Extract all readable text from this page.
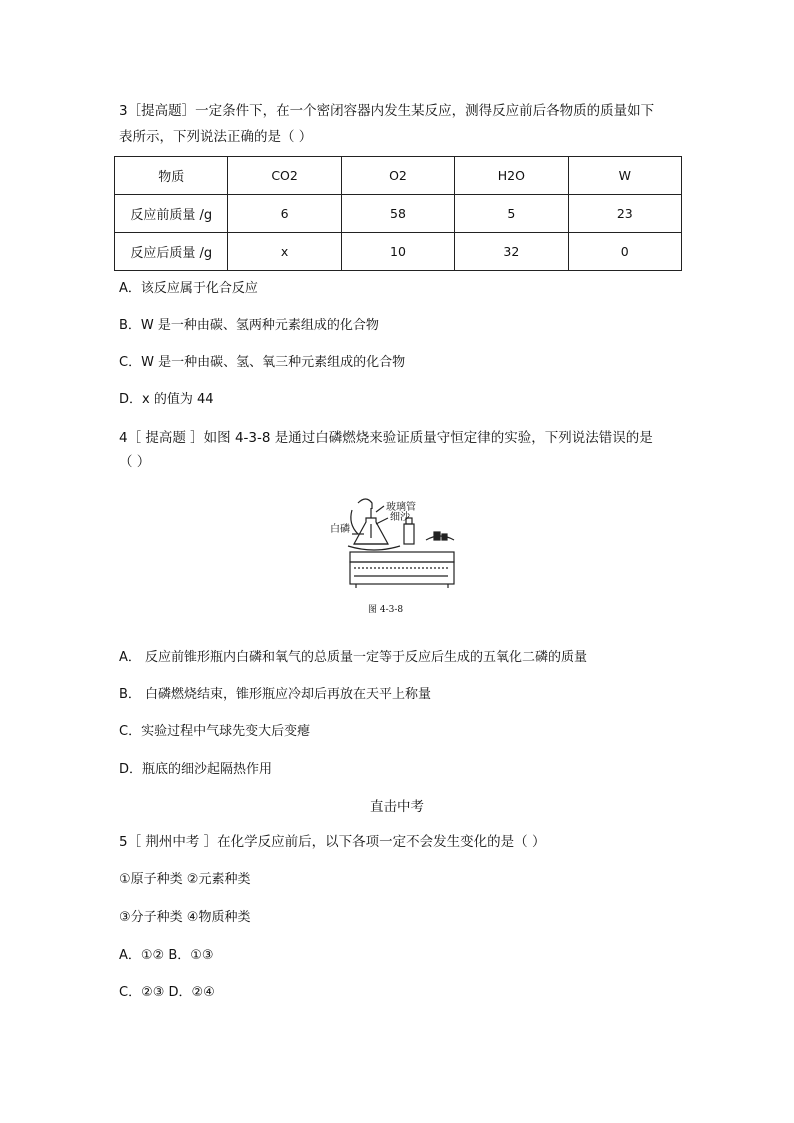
3［提高题］一定条件下，在一个密闭容器内发生某反应，测得反应前后各物质的质量如下
表所示，下列说法正确的是（ ）
物质	CO2	O2	H2O	W
反应前质量 /g	6	58	5	23
反应后质量 /g	x	10	32	0
A．该反应属于化合反应
B．W 是一种由碳、氢两种元素组成的化合物
C．W 是一种由碳、氢、氧三种元素组成的化合物
D．x 的值为 44
4［ 提高题 ］如图 4-3-8 是通过白磷燃烧来验证质量守恒定律的实验，下列说法错误的是
（ ）
玻璃管
细沙
白磷
图 4-3-8
A． 反应前锥形瓶内白磷和氧气的总质量一定等于反应后生成的五氧化二磷的质量
B． 白磷燃烧结束，锥形瓶应冷却后再放在天平上称量
C．实验过程中气球先变大后变瘪
D．瓶底的细沙起隔热作用
直击中考
5［ 荆州中考 ］在化学反应前后，以下各项一定不会发生变化的是（ ）
①原子种类 ②元素种类
③分子种类 ④物质种类
A．①② B．①③
C．②③ D．②④
